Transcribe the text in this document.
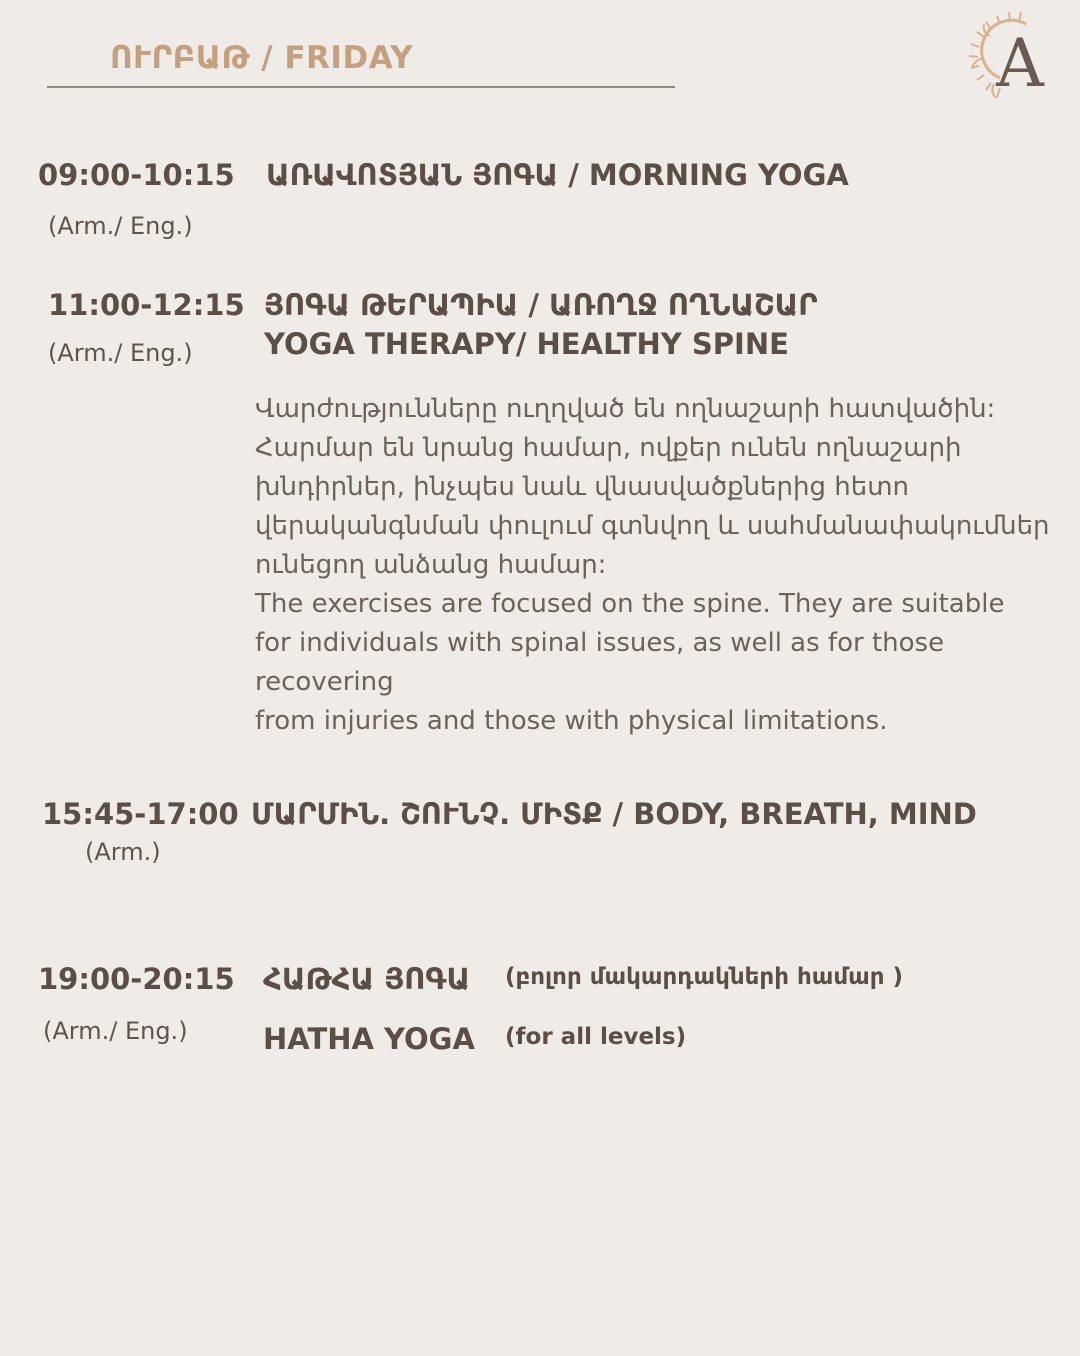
ՈՒՐԲԱԹ / FRIDAY	A
09:00-10:15
(Arm./ Eng.)
ԱՌԱՎՈՏՅԱՆ ՅՈԳԱ / MORNING YOGA
11:00-12:15
(Arm./ Eng.)
ՅՈԳԱ ԹԵՐԱՊԻԱ / ԱՌՈՂՋ ՈՂՆԱՇԱՐ
YOGA THERAPY/ HEALTHY SPINE
Վարժությունները ուղղված են ողնաշարի հատվածին:
Հարմար են նրանց համար, ովքեր ունեն ողնաշարի
խնդիրներ, ինչպես նաև վնասվածքներից հետո
վերականգնման փուլում գտնվող և սահմանափակումներ
ունեցող անձանց համար:
The exercises are focused on the spine. They are suitable
for individuals with spinal issues, as well as for those
recovering
from injuries and those with physical limitations.
15:45-17:00
(Arm.)
ՄԱՐՄԻՆ. ՇՈՒՆՉ. ՄԻՏՔ / BODY, BREATH, MIND
19:00-20:15
(Arm./ Eng.)
ՀԱԹՀԱ ՅՈԳԱ (բոլոր մակարդակների համար )
HATHA YOGA (for all levels)
